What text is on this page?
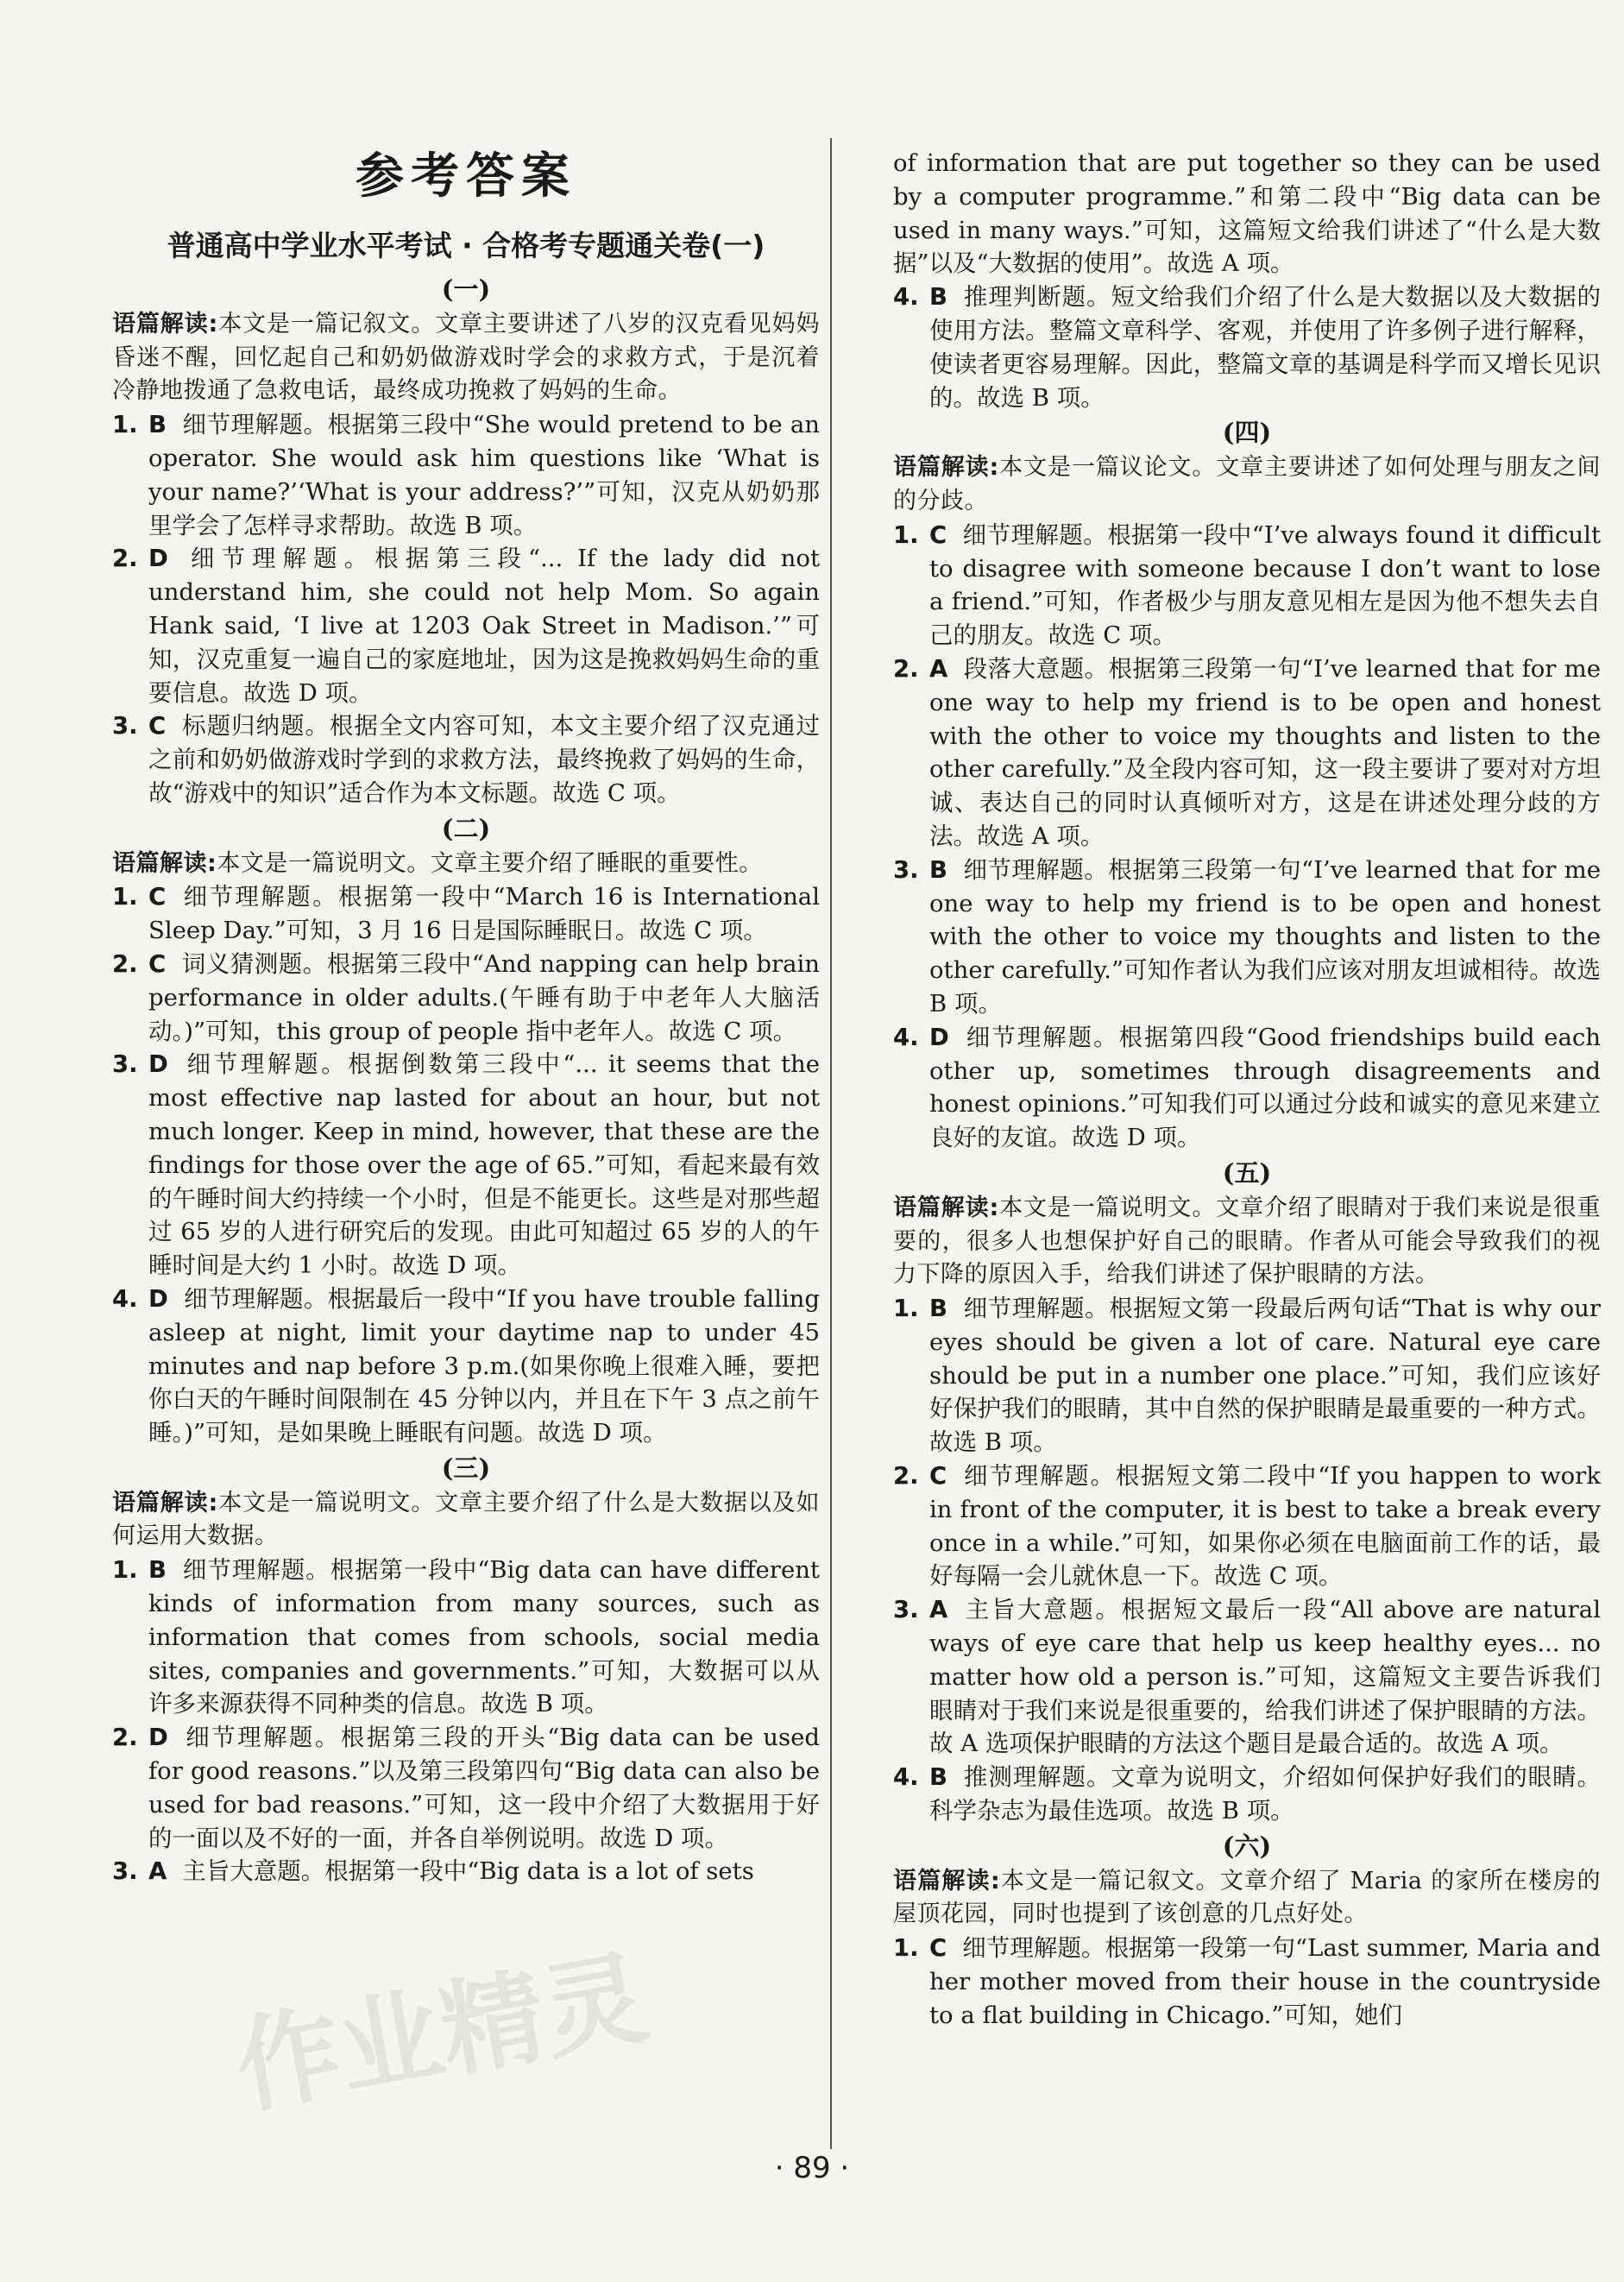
作业精灵
参考答案
普通高中学业水平考试 · 合格考专题通关卷(一)
(一)
语篇解读:本文是一篇记叙文。文章主要讲述了八岁的汉克看见妈妈昏迷不醒，回忆起自己和奶奶做游戏时学会的求救方式，于是沉着冷静地拨通了急救电话，最终成功挽救了妈妈的生命。
1. B 细节理解题。根据第三段中“She would pretend to be an operator. She would ask him questions like ‘What is your name?’‘What is your address?’”可知，汉克从奶奶那里学会了怎样寻求帮助。故选 B 项。
2. D 细节理解题。根据第三段“... If the lady did not understand him, she could not help Mom. So again Hank said, ‘I live at 1203 Oak Street in Madison.’”可知，汉克重复一遍自己的家庭地址，因为这是挽救妈妈生命的重要信息。故选 D 项。
3. C 标题归纳题。根据全文内容可知，本文主要介绍了汉克通过之前和奶奶做游戏时学到的求救方法，最终挽救了妈妈的生命，故“游戏中的知识”适合作为本文标题。故选 C 项。
(二)
语篇解读:本文是一篇说明文。文章主要介绍了睡眠的重要性。
1. C 细节理解题。根据第一段中“March 16 is International Sleep Day.”可知，3 月 16 日是国际睡眠日。故选 C 项。
2. C 词义猜测题。根据第三段中“And napping can help brain performance in older adults.(午睡有助于中老年人大脑活动。)”可知，this group of people 指中老年人。故选 C 项。
3. D 细节理解题。根据倒数第三段中“... it seems that the most effective nap lasted for about an hour, but not much longer. Keep in mind, however, that these are the findings for those over the age of 65.”可知，看起来最有效的午睡时间大约持续一个小时，但是不能更长。这些是对那些超过 65 岁的人进行研究后的发现。由此可知超过 65 岁的人的午睡时间是大约 1 小时。故选 D 项。
4. D 细节理解题。根据最后一段中“If you have trouble falling asleep at night, limit your daytime nap to under 45 minutes and nap before 3 p.m.(如果你晚上很难入睡，要把你白天的午睡时间限制在 45 分钟以内，并且在下午 3 点之前午睡。)”可知，是如果晚上睡眠有问题。故选 D 项。
(三)
语篇解读:本文是一篇说明文。文章主要介绍了什么是大数据以及如何运用大数据。
1. B 细节理解题。根据第一段中“Big data can have different kinds of information from many sources, such as information that comes from schools, social media sites, companies and governments.”可知，大数据可以从许多来源获得不同种类的信息。故选 B 项。
2. D 细节理解题。根据第三段的开头“Big data can be used for good reasons.”以及第三段第四句“Big data can also be used for bad reasons.”可知，这一段中介绍了大数据用于好的一面以及不好的一面，并各自举例说明。故选 D 项。
3. A 主旨大意题。根据第一段中“Big data is a lot of sets
of information that are put together so they can be used by a computer programme.”和第二段中“Big data can be used in many ways.”可知，这篇短文给我们讲述了“什么是大数据”以及“大数据的使用”。故选 A 项。
4. B 推理判断题。短文给我们介绍了什么是大数据以及大数据的使用方法。整篇文章科学、客观，并使用了许多例子进行解释，使读者更容易理解。因此，整篇文章的基调是科学而又增长见识的。故选 B 项。
(四)
语篇解读:本文是一篇议论文。文章主要讲述了如何处理与朋友之间的分歧。
1. C 细节理解题。根据第一段中“I’ve always found it difficult to disagree with someone because I don’t want to lose a friend.”可知，作者极少与朋友意见相左是因为他不想失去自己的朋友。故选 C 项。
2. A 段落大意题。根据第三段第一句“I’ve learned that for me one way to help my friend is to be open and honest with the other to voice my thoughts and listen to the other carefully.”及全段内容可知，这一段主要讲了要对对方坦诚、表达自己的同时认真倾听对方，这是在讲述处理分歧的方法。故选 A 项。
3. B 细节理解题。根据第三段第一句“I’ve learned that for me one way to help my friend is to be open and honest with the other to voice my thoughts and listen to the other carefully.”可知作者认为我们应该对朋友坦诚相待。故选 B 项。
4. D 细节理解题。根据第四段“Good friendships build each other up, sometimes through disagreements and honest opinions.”可知我们可以通过分歧和诚实的意见来建立良好的友谊。故选 D 项。
(五)
语篇解读:本文是一篇说明文。文章介绍了眼睛对于我们来说是很重要的，很多人也想保护好自己的眼睛。作者从可能会导致我们的视力下降的原因入手，给我们讲述了保护眼睛的方法。
1. B 细节理解题。根据短文第一段最后两句话“That is why our eyes should be given a lot of care. Natural eye care should be put in a number one place.”可知，我们应该好好保护我们的眼睛，其中自然的保护眼睛是最重要的一种方式。故选 B 项。
2. C 细节理解题。根据短文第二段中“If you happen to work in front of the computer, it is best to take a break every once in a while.”可知，如果你必须在电脑面前工作的话，最好每隔一会儿就休息一下。故选 C 项。
3. A 主旨大意题。根据短文最后一段“All above are natural ways of eye care that help us keep healthy eyes... no matter how old a person is.”可知，这篇短文主要告诉我们眼睛对于我们来说是很重要的，给我们讲述了保护眼睛的方法。故 A 选项保护眼睛的方法这个题目是最合适的。故选 A 项。
4. B 推测理解题。文章为说明文，介绍如何保护好我们的眼睛。科学杂志为最佳选项。故选 B 项。
(六)
语篇解读:本文是一篇记叙文。文章介绍了 Maria 的家所在楼房的屋顶花园，同时也提到了该创意的几点好处。
1. C 细节理解题。根据第一段第一句“Last summer, Maria and her mother moved from their house in the countryside to a flat building in Chicago.”可知，她们
· 89 ·
